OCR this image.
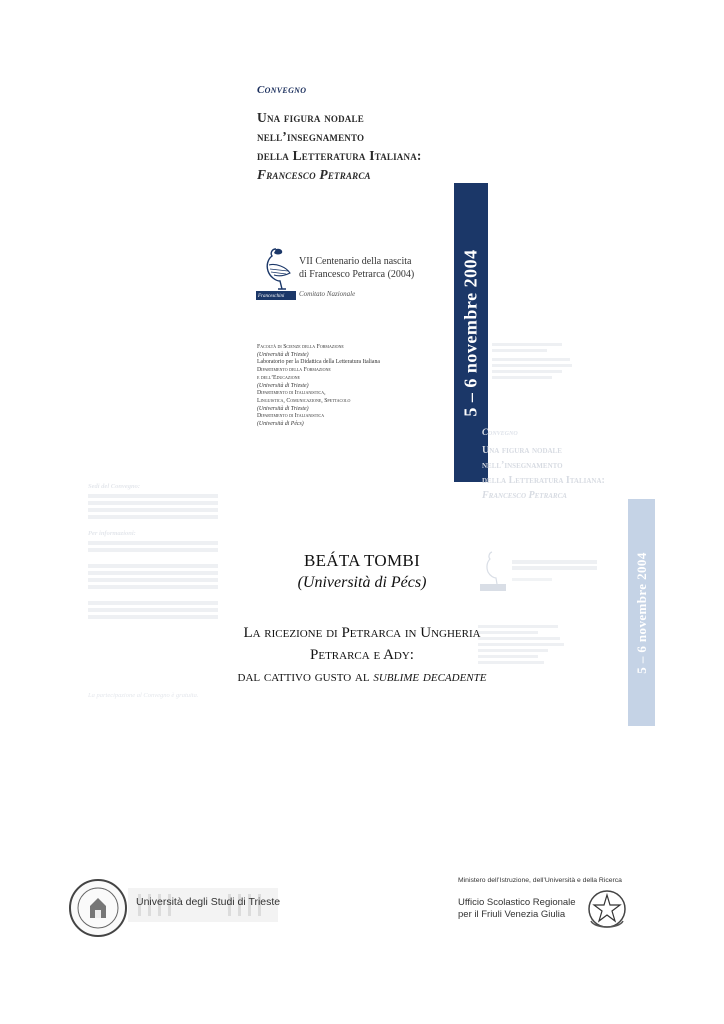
Convegno
Una figura nodale
nell’insegnamento
della Letteratura Italiana:
Francesco Petrarca
5 – 6 novembre 2004
Franceschini
VII Centenario della nascita
di Francesco Petrarca (2004)
Comitato Nazionale
Facoltà di Scienze della Formazione
(Università di Trieste)
Laboratorio per la Didattica della Letteratura Italiana
Dipartimento della Formazione
e dell’Educazione
(Università di Trieste)
Dipartimento di Italianistica,
Linguistica, Comunicazione, Spettacolo
(Università di Trieste)
Dipartimento di Italianistica
(Università di Pécs)
Sedi del Convegno:
Per informazioni:
Convegno
Una figura nodale
nell’insegnamento
della Letteratura Italiana:
Francesco Petrarca
5 – 6 novembre 2004
La partecipazione al Convegno è gratuita.
BEÁTA TOMBI
(Università di Pécs)
La ricezione di Petrarca in Ungheria
Petrarca e Ady:
dal cattivo gusto al sublime decadente
Università degli Studi di Trieste
Ministero dell’Istruzione, dell’Università e della Ricerca
Ufficio Scolastico Regionale
per il Friuli Venezia Giulia
